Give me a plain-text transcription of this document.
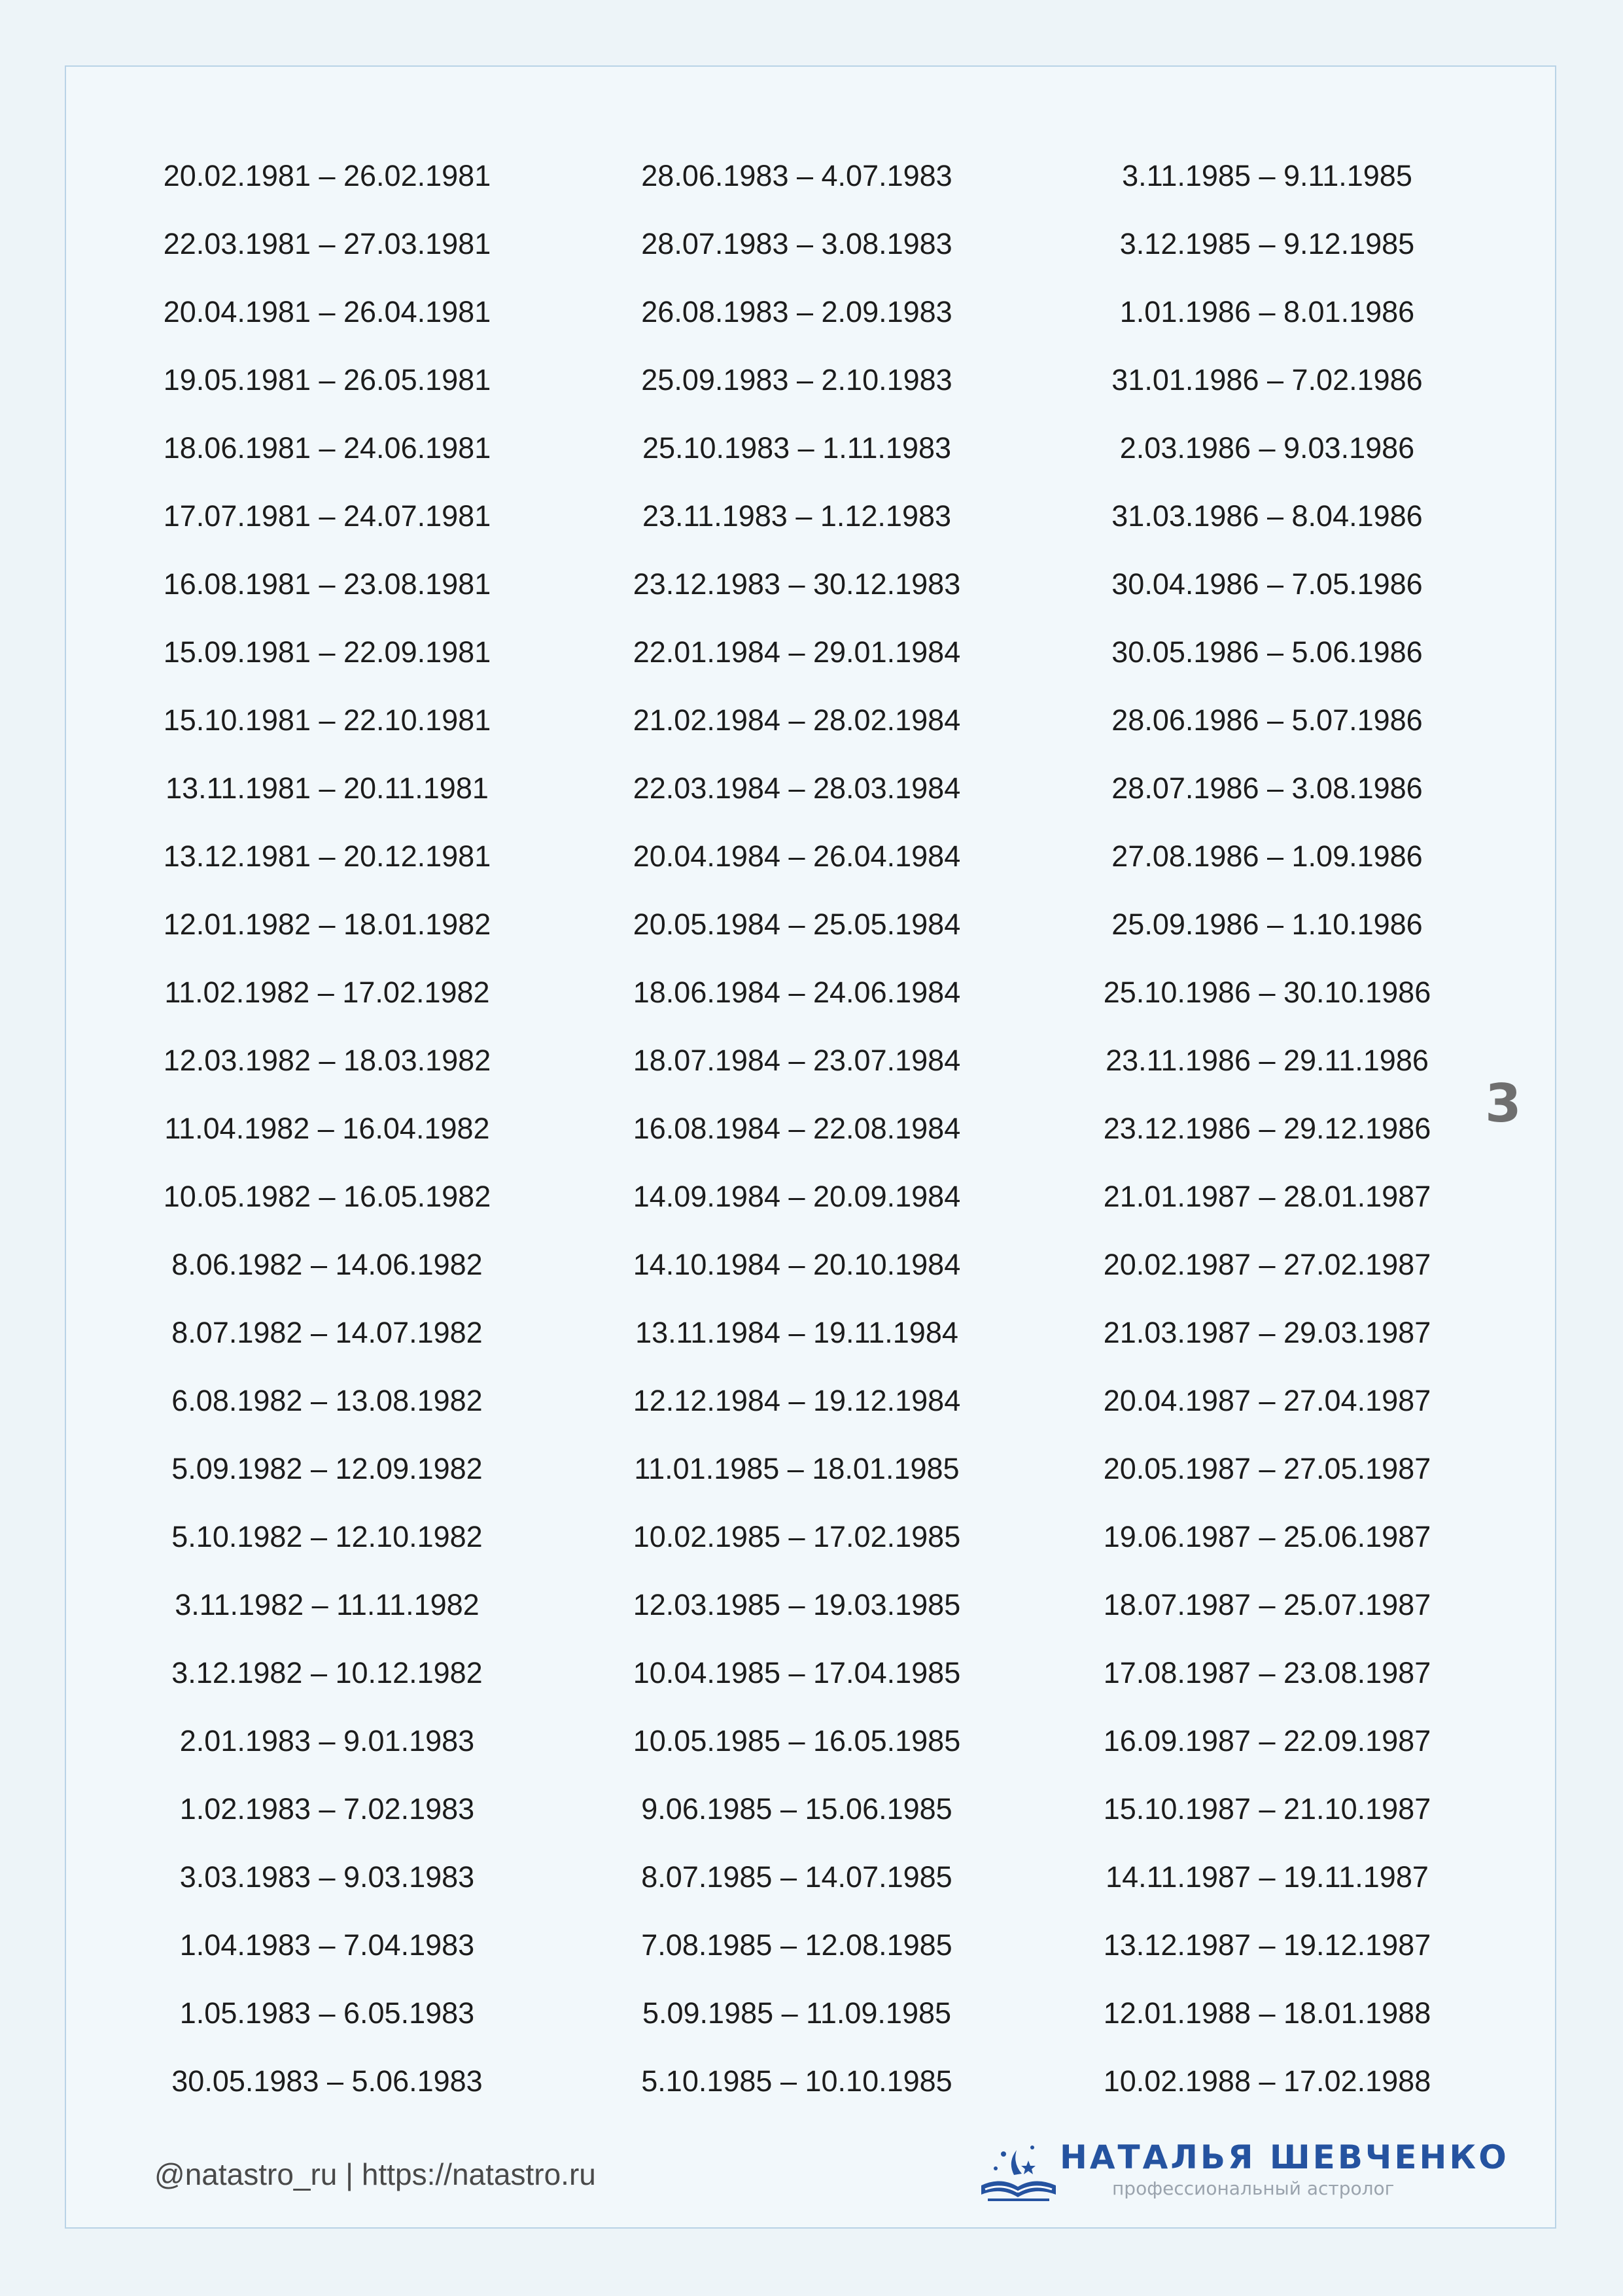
20.02.1981 – 26.02.1981
22.03.1981 – 27.03.1981
20.04.1981 – 26.04.1981
19.05.1981 – 26.05.1981
18.06.1981 – 24.06.1981
17.07.1981 – 24.07.1981
16.08.1981 – 23.08.1981
15.09.1981 – 22.09.1981
15.10.1981 – 22.10.1981
13.11.1981 – 20.11.1981
13.12.1981 – 20.12.1981
12.01.1982 – 18.01.1982
11.02.1982 – 17.02.1982
12.03.1982 – 18.03.1982
11.04.1982 – 16.04.1982
10.05.1982 – 16.05.1982
8.06.1982 – 14.06.1982
8.07.1982 – 14.07.1982
6.08.1982 – 13.08.1982
5.09.1982 – 12.09.1982
5.10.1982 – 12.10.1982
3.11.1982 – 11.11.1982
3.12.1982 – 10.12.1982
2.01.1983 – 9.01.1983
1.02.1983 – 7.02.1983
3.03.1983 – 9.03.1983
1.04.1983 – 7.04.1983
1.05.1983 – 6.05.1983
30.05.1983 – 5.06.1983
28.06.1983 – 4.07.1983
28.07.1983 – 3.08.1983
26.08.1983 – 2.09.1983
25.09.1983 – 2.10.1983
25.10.1983 – 1.11.1983
23.11.1983 – 1.12.1983
23.12.1983 – 30.12.1983
22.01.1984 – 29.01.1984
21.02.1984 – 28.02.1984
22.03.1984 – 28.03.1984
20.04.1984 – 26.04.1984
20.05.1984 – 25.05.1984
18.06.1984 – 24.06.1984
18.07.1984 – 23.07.1984
16.08.1984 – 22.08.1984
14.09.1984 – 20.09.1984
14.10.1984 – 20.10.1984
13.11.1984 – 19.11.1984
12.12.1984 – 19.12.1984
11.01.1985 – 18.01.1985
10.02.1985 – 17.02.1985
12.03.1985 – 19.03.1985
10.04.1985 – 17.04.1985
10.05.1985 – 16.05.1985
9.06.1985 – 15.06.1985
8.07.1985 – 14.07.1985
7.08.1985 – 12.08.1985
5.09.1985 – 11.09.1985
5.10.1985 – 10.10.1985
3.11.1985 – 9.11.1985
3.12.1985 – 9.12.1985
1.01.1986 – 8.01.1986
31.01.1986 – 7.02.1986
2.03.1986 – 9.03.1986
31.03.1986 – 8.04.1986
30.04.1986 – 7.05.1986
30.05.1986 – 5.06.1986
28.06.1986 – 5.07.1986
28.07.1986 – 3.08.1986
27.08.1986 – 1.09.1986
25.09.1986 – 1.10.1986
25.10.1986 – 30.10.1986
23.11.1986 – 29.11.1986
23.12.1986 – 29.12.1986
21.01.1987 – 28.01.1987
20.02.1987 – 27.02.1987
21.03.1987 – 29.03.1987
20.04.1987 – 27.04.1987
20.05.1987 – 27.05.1987
19.06.1987 – 25.06.1987
18.07.1987 – 25.07.1987
17.08.1987 – 23.08.1987
16.09.1987 – 22.09.1987
15.10.1987 – 21.10.1987
14.11.1987 – 19.11.1987
13.12.1987 – 19.12.1987
12.01.1988 – 18.01.1988
10.02.1988 – 17.02.1988
3
@natastro_ru | https://natastro.ru	НАТАЛЬЯ ШЕВЧЕНКО
профессиональный астролог
